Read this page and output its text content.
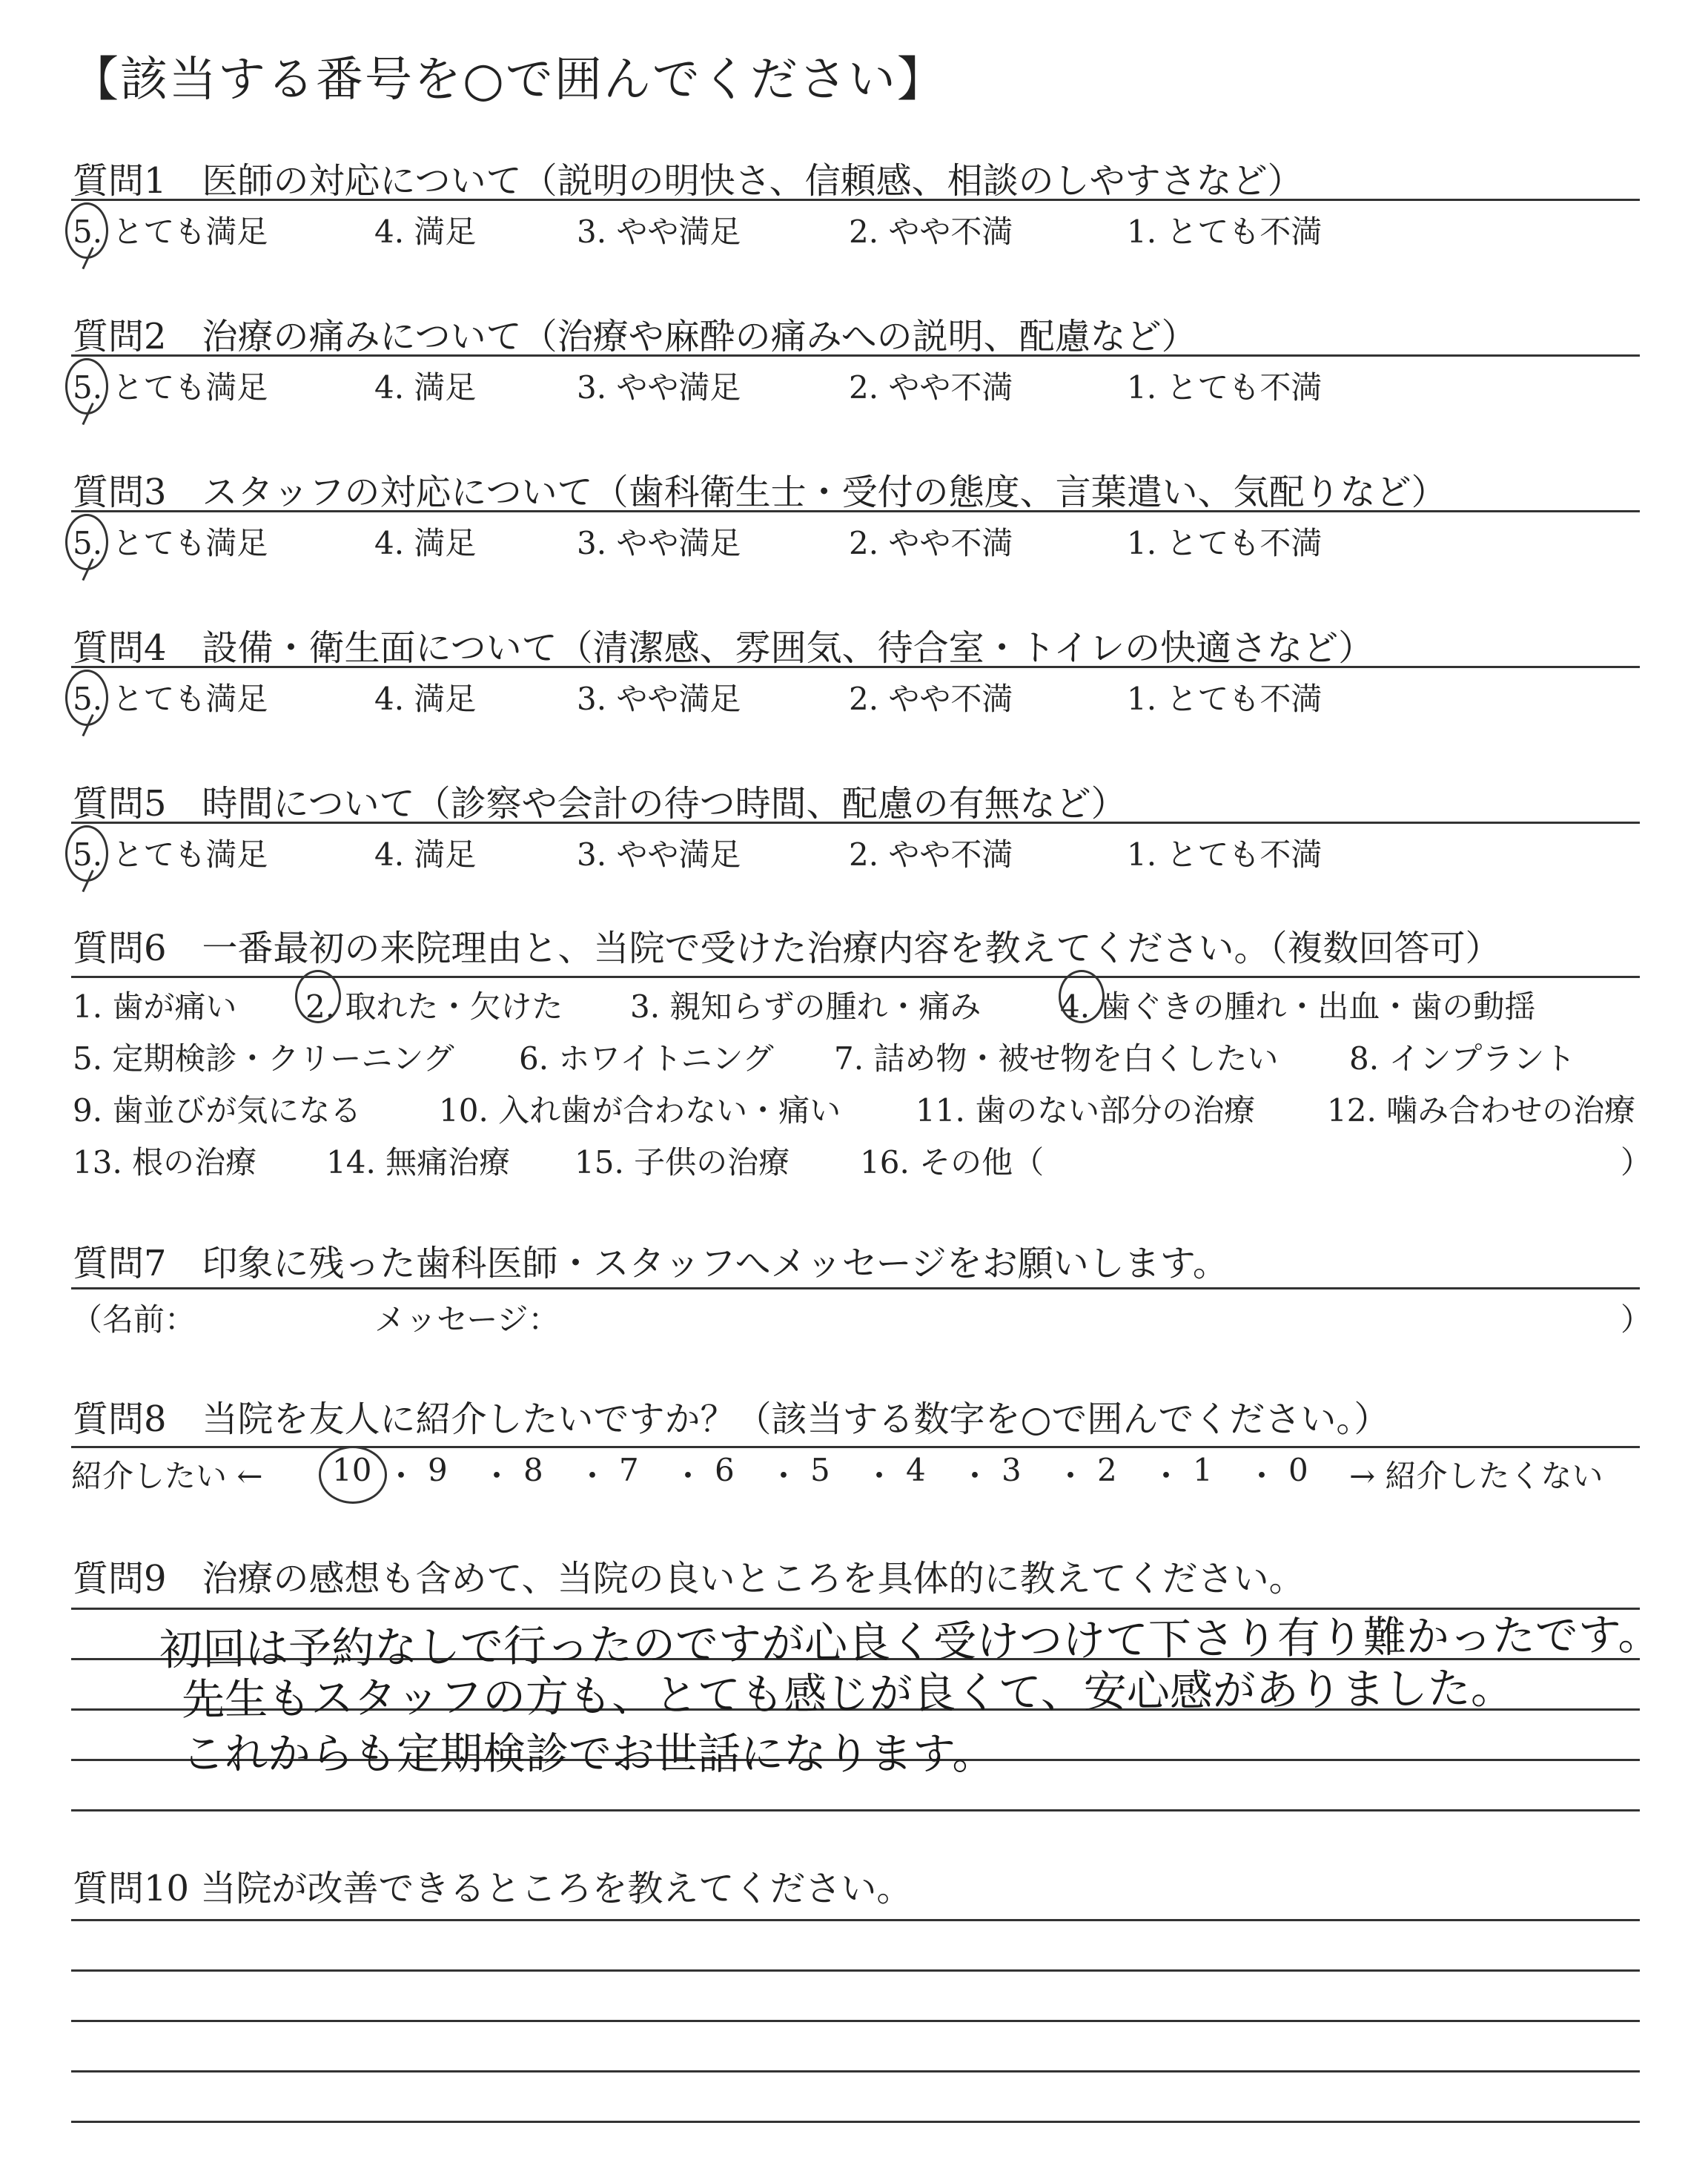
【該当する番号を○で囲んでください】
質問1　医師の対応について（説明の明快さ、信頼感、相談のしやすさなど）
5. とても満足	4. 満足	3. やや満足	2. やや不満	1. とても不満
質問2　治療の痛みについて（治療や麻酔の痛みへの説明、配慮など）
5. とても満足	4. 満足	3. やや満足	2. やや不満	1. とても不満
質問3　スタッフの対応について（歯科衛生士・受付の態度、言葉遣い、気配りなど）
5. とても満足	4. 満足	3. やや満足	2. やや不満	1. とても不満
質問4　設備・衛生面について（清潔感、雰囲気、待合室・トイレの快適さなど）
5. とても満足	4. 満足	3. やや満足	2. やや不満	1. とても不満
質問5　時間について（診察や会計の待つ時間、配慮の有無など）
5. とても満足	4. 満足	3. やや満足	2. やや不満	1. とても不満
質問6　一番最初の来院理由と、当院で受けた治療内容を教えてください。（複数回答可）
1. 歯が痛い 2. 取れた・欠けた 3. 親知らずの腫れ・痛み	4. 歯ぐきの腫れ・出血・歯の動揺
5. 定期検診・クリーニング 6. ホワイトニング 7. 詰め物・被せ物を白くしたい 8. インプラント
9. 歯並びが気になる 10. 入れ歯が合わない・痛い 11. 歯のない部分の治療 12. 噛み合わせの治療
13. 根の治療 14. 無痛治療 15. 子供の治療 16. その他（	）
質問7　印象に残った歯科医師・スタッフへメッセージをお願いします。
（名前：	メッセージ：	）
質問8　当院を友人に紹介したいですか？（該当する数字を○で囲んでください。）
紹介したい ← 10 ・ 9 ・ 8 ・ 7 ・ 6 ・ 5 ・ 4 ・ 3 ・ 2 ・ 1 ・ 0 → 紹介したくない
質問9　治療の感想も含めて、当院の良いところを具体的に教えてください。
初回は予約なしで行ったのですが心良く受けつけて下さり有り難かったです。
先生もスタッフの方も、とても感じが良くて、安心感がありました。
これからも定期検診でお世話になります。
質問10 当院が改善できるところを教えてください。
